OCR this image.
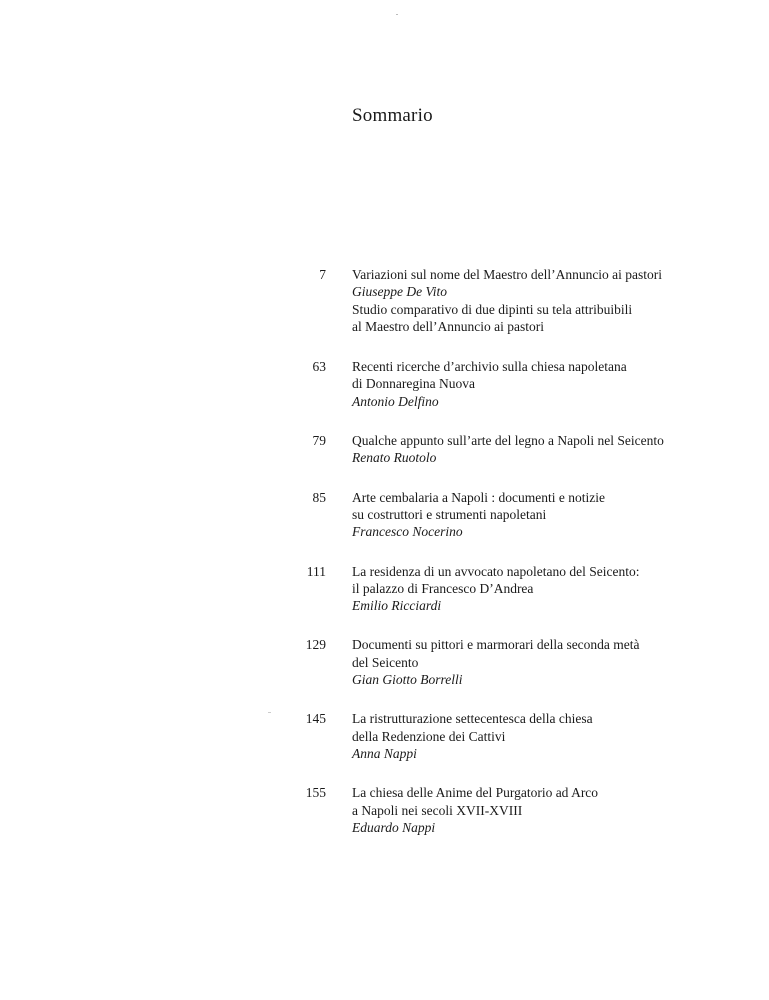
Sommario
7 Variazioni sul nome del Maestro dell’Annuncio ai pastori
Giuseppe De Vito
Studio comparativo di due dipinti su tela attribuibili
al Maestro dell’Annuncio ai pastori
63 Recenti ricerche d’archivio sulla chiesa napoletana
di Donnaregina Nuova
Antonio Delfino
79 Qualche appunto sull’arte del legno a Napoli nel Seicento
Renato Ruotolo
85 Arte cembalaria a Napoli : documenti e notizie
su costruttori e strumenti napoletani
Francesco Nocerino
111 La residenza di un avvocato napoletano del Seicento:
il palazzo di Francesco D’Andrea
Emilio Ricciardi
129 Documenti su pittori e marmorari della seconda metà
del Seicento
Gian Giotto Borrelli
145 La ristrutturazione settecentesca della chiesa
della Redenzione dei Cattivi
Anna Nappi
155 La chiesa delle Anime del Purgatorio ad Arco
a Napoli nei secoli XVII-XVIII
Eduardo Nappi
